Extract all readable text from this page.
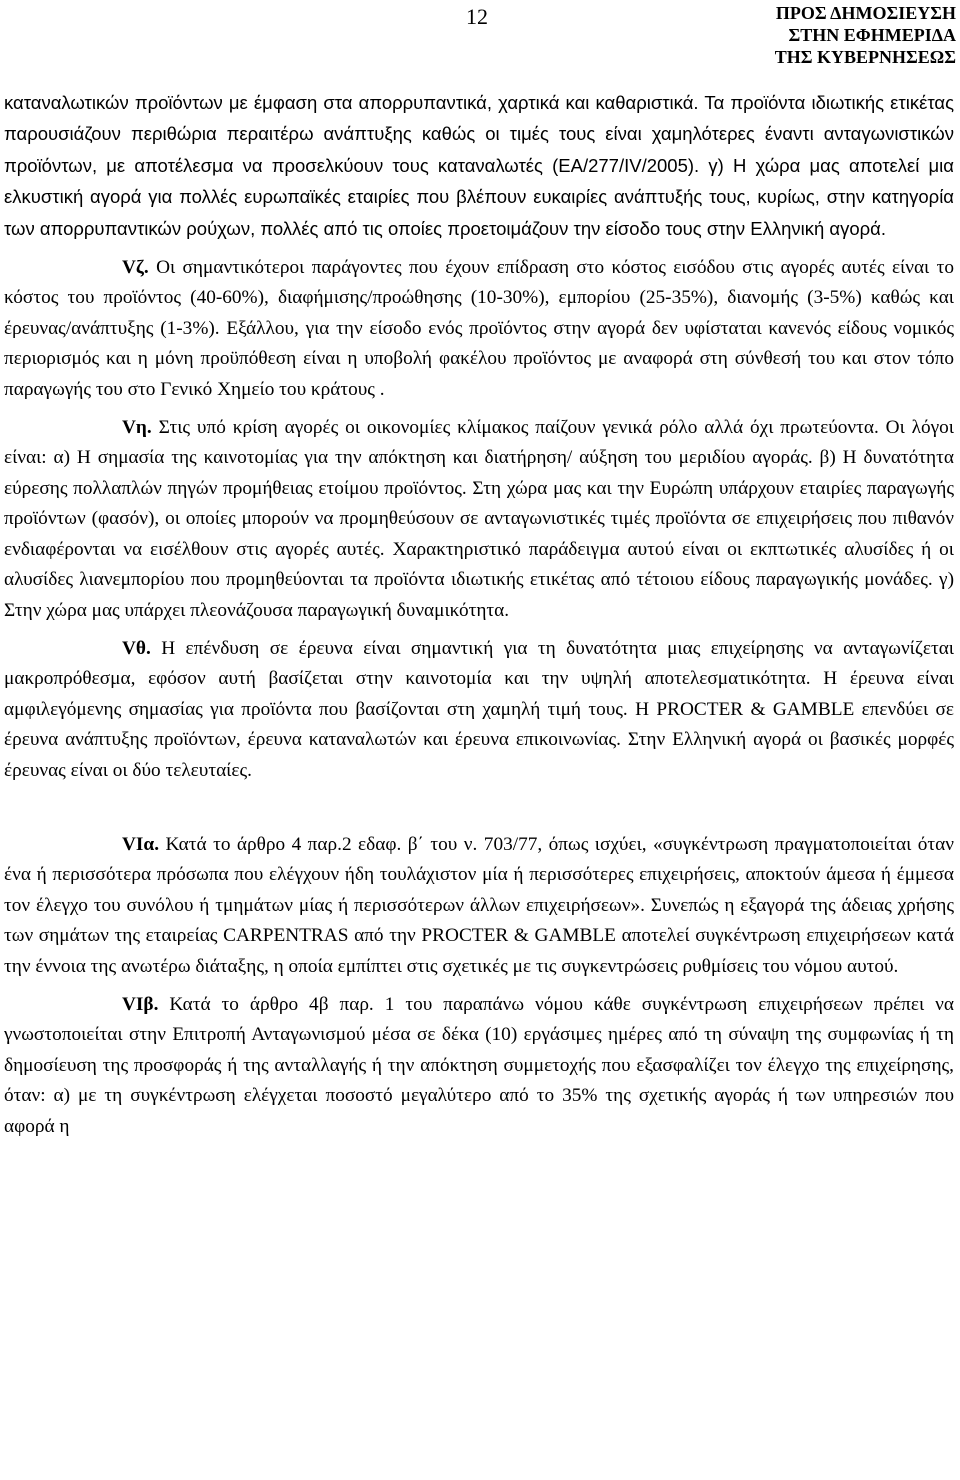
12	ΠΡΟΣ ΔΗΜΟΣΙΕΥΣΗ
ΣΤΗΝ ΕΦΗΜΕΡΙΔΑ
ΤΗΣ ΚΥΒΕΡΝΗΣΕΩΣ

καταναλωτικών προϊόντων με έμφαση στα απορρυπαντικά, χαρτικά και καθαριστικά. Τα προϊόντα ιδιωτικής ετικέτας παρουσιάζουν περιθώρια περαιτέρω ανάπτυξης καθώς οι τιμές τους είναι χαμηλότερες έναντι ανταγωνιστικών προϊόντων, με αποτέλεσμα να προσελκύουν τους καταναλωτές (ΕΑ/277/IV/2005). γ) Η χώρα μας αποτελεί μια ελκυστική αγορά για πολλές ευρωπαϊκές εταιρίες που βλέπουν ευκαιρίες ανάπτυξής τους, κυρίως, στην κατηγορία των απορρυπαντικών ρούχων, πολλές από τις οποίες προετοιμάζουν την είσοδο τους στην Ελληνική αγορά.

Vζ. Οι σημαντικότεροι παράγοντες που έχουν επίδραση στο κόστος εισόδου στις αγορές αυτές είναι το κόστος του προϊόντος (40-60%), διαφήμισης/προώθησης (10-30%), εμπορίου (25-35%), διανομής (3-5%) καθώς και έρευνας/ανάπτυξης (1-3%). Εξάλλου, για την είσοδο ενός προϊόντος στην αγορά δεν υφίσταται κανενός είδους νομικός περιορισμός και η μόνη προϋπόθεση είναι η υποβολή φακέλου προϊόντος με αναφορά στη σύνθεσή του και στον τόπο παραγωγής του στο Γενικό Χημείο του κράτους .

Vη. Στις υπό κρίση αγορές οι οικονομίες κλίμακος παίζουν γενικά ρόλο αλλά όχι πρωτεύοντα. Οι λόγοι είναι: α) Η σημασία της καινοτομίας για την απόκτηση και διατήρηση/ αύξηση του μεριδίου αγοράς. β) Η δυνατότητα εύρεσης πολλαπλών πηγών προμήθειας ετοίμου προϊόντος. Στη χώρα μας και την Ευρώπη υπάρχουν εταιρίες παραγωγής προϊόντων (φασόν), οι οποίες μπορούν να προμηθεύσουν σε ανταγωνιστικές τιμές προϊόντα σε επιχειρήσεις που πιθανόν ενδιαφέρονται να εισέλθουν στις αγορές αυτές. Χαρακτηριστικό παράδειγμα αυτού είναι οι εκπτωτικές αλυσίδες ή οι αλυσίδες λιανεμπορίου που προμηθεύονται τα προϊόντα ιδιωτικής ετικέτας από τέτοιου είδους παραγωγικής μονάδες. γ) Στην χώρα μας υπάρχει πλεονάζουσα παραγωγική δυναμικότητα.

Vθ. Η επένδυση σε έρευνα είναι σημαντική για τη δυνατότητα μιας επιχείρησης να ανταγωνίζεται μακροπρόθεσμα, εφόσον αυτή βασίζεται στην καινοτομία και την υψηλή αποτελεσματικότητα. Η έρευνα είναι αμφιλεγόμενης σημασίας για προϊόντα που βασίζονται στη χαμηλή τιμή τους. Η PROCTER & GAMBLE επενδύει σε έρευνα ανάπτυξης προϊόντων, έρευνα καταναλωτών και έρευνα επικοινωνίας. Στην Ελληνική αγορά οι βασικές μορφές έρευνας είναι οι δύο τελευταίες.

VIα. Κατά το άρθρο 4 παρ.2 εδαφ. β΄ του ν. 703/77, όπως ισχύει, «συγκέντρωση πραγματοποιείται όταν ένα ή περισσότερα πρόσωπα που ελέγχουν ήδη τουλάχιστον μία ή περισσότερες επιχειρήσεις, αποκτούν άμεσα ή έμμεσα τον έλεγχο του συνόλου ή τμημάτων μίας ή περισσότερων άλλων επιχειρήσεων». Συνεπώς η εξαγορά της άδειας χρήσης των σημάτων της εταιρείας CARPENTRAS από την PROCTER & GAMBLE αποτελεί συγκέντρωση επιχειρήσεων κατά την έννοια της ανωτέρω διάταξης, η οποία εμπίπτει στις σχετικές με τις συγκεντρώσεις ρυθμίσεις του νόμου αυτού.

VIβ. Κατά το άρθρο 4β παρ. 1 του παραπάνω νόμου κάθε συγκέντρωση επιχειρήσεων πρέπει να γνωστοποιείται στην Επιτροπή Ανταγωνισμού μέσα σε δέκα (10) εργάσιμες ημέρες από τη σύναψη της συμφωνίας ή τη δημοσίευση της προσφοράς ή της ανταλλαγής ή την απόκτηση συμμετοχής που εξασφαλίζει τον έλεγχο της επιχείρησης, όταν: α) με τη συγκέντρωση ελέγχεται ποσοστό μεγαλύτερο από το 35% της σχετικής αγοράς ή των υπηρεσιών που αφορά η
